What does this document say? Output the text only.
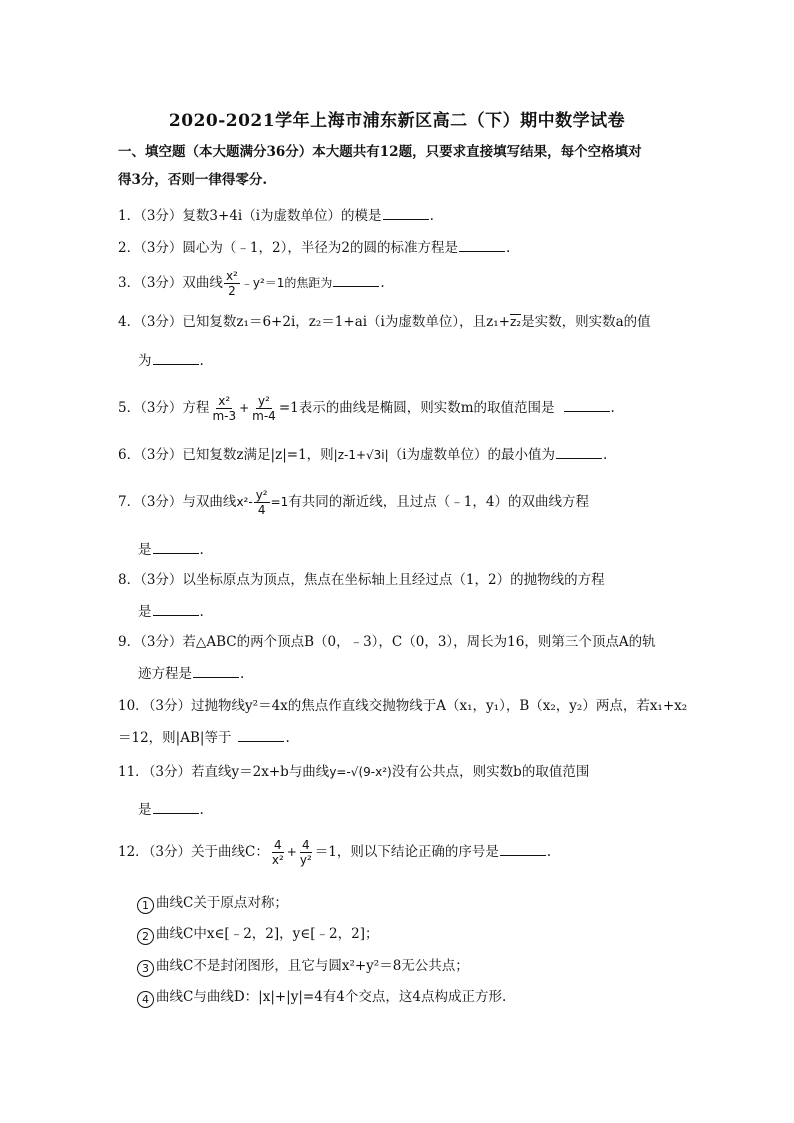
2020-2021学年上海市浦东新区高二（下）期中数学试卷
一、填空题（本大题满分36分）本大题共有12题，只要求直接填写结果，每个空格填对
得3分，否则一律得零分.
1．（3分）复数3+4i（i为虚数单位）的模是	.
2．（3分）圆心为（﹣1，2），半径为2的圆的标准方程是	.
3．（3分）双曲线 $\frac{\text{x²}}{2}$ ﹣y²＝1的焦距为	.
4．（3分）已知复数z₁＝6+2i，z₂＝1+ai（i为虚数单位），且z₁+z₂是实数，则实数a的值
为	.
5．（3分）方程 $\frac{\text{x²}}{m-3} + \frac{\text{y²}}{m-4} =1$表示的曲线是椭圆，则实数m的取值范围是	.
6．（3分）已知复数z满足|z|=1，则|z-1+√3i|（i为虚数单位）的最小值为	.
7．（3分）与双曲线$x^2- \frac{\text{y²}}{4} =1$有共同的渐近线，且过点（﹣1，4）的双曲线方程
是	.
8．（3分）以坐标原点为顶点，焦点在坐标轴上且经过点（1，2）的抛物线的方程
是	.
9．（3分）若△ABC的两个顶点B（0，﹣3），C（0，3），周长为16，则第三个顶点A的轨
迹方程是	.
10．（3分）过抛物线y²＝4x的焦点作直线交抛物线于A（x₁，y₁），B（x₂，y₂）两点，若x₁+x₂
＝12，则|AB|等于	.
11．（3分）若直线y＝2x+b与曲线y=-√(9-x²)没有公共点，则实数b的取值范围
是	.
12．（3分）关于曲线C： $\frac{4}{\text{x²}} + \frac{4}{\text{y²}} =1$，则以下结论正确的序号是	.
1 曲线C关于原点对称；
2 曲线C中x∈[﹣2，2]，y∈[﹣2，2]；
3 曲线C不是封闭图形，且它与圆x²+y²＝8无公共点；
4 曲线C与曲线D：|x|+|y|=4有4个交点，这4点构成正方形.
